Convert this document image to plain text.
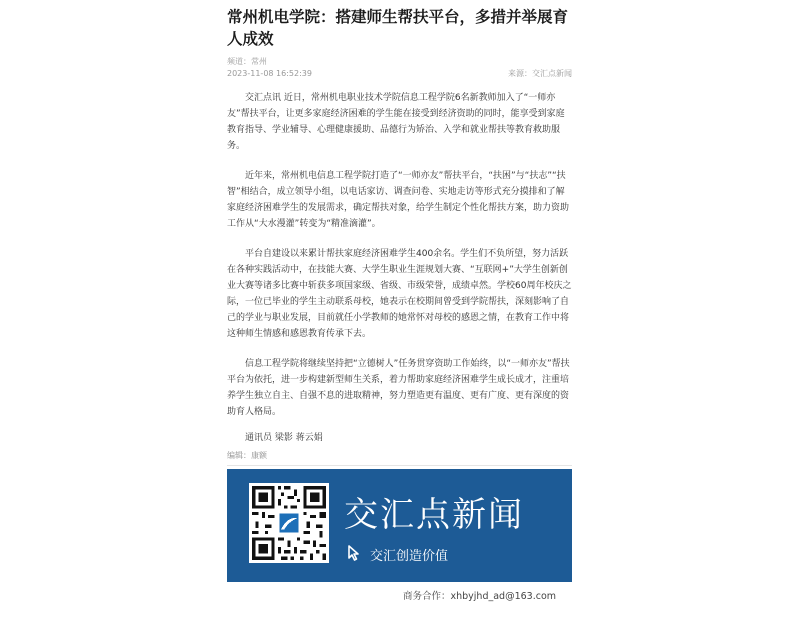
常州机电学院：搭建师生帮扶平台，多措并举展育人成效
频道：常州
2023-11-08 16:52:39	来源：交汇点新闻

交汇点讯 近日，常州机电职业技术学院信息工程学院6名新教师加入了“一师亦友”帮扶平台，让更多家庭经济困难的学生能在接受到经济资助的同时，能享受到家庭教育指导、学业辅导、心理健康援助、品德行为矫治、入学和就业帮扶等教育救助服务。

近年来，常州机电信息工程学院打造了“一师亦友”帮扶平台，“扶困”与“扶志”“扶智”相结合，成立领导小组，以电话家访、调查问卷、实地走访等形式充分摸排和了解家庭经济困难学生的发展需求，确定帮扶对象，给学生制定个性化帮扶方案，助力资助工作从“大水漫灌”转变为“精准滴灌”。

平台自建设以来累计帮扶家庭经济困难学生400余名。学生们不负所望，努力活跃在各种实践活动中，在技能大赛、大学生职业生涯规划大赛、“互联网+”大学生创新创业大赛等诸多比赛中斩获多项国家级、省级、市级荣誉，成绩卓然。学校60周年校庆之际，一位已毕业的学生主动联系母校，她表示在校期间曾受到学院帮扶，深刻影响了自己的学业与职业发展，目前就任小学教师的她常怀对母校的感恩之情，在教育工作中将这种师生情感和感恩教育传承下去。

信息工程学院将继续坚持把“立德树人”任务贯穿资助工作始终，以“一师亦友”帮扶平台为依托，进一步构建新型师生关系，着力帮助家庭经济困难学生成长成才，注重培养学生独立自主、自强不息的进取精神，努力塑造更有温度、更有广度、更有深度的资助育人格局。

通讯员 梁影 蒋云娟
编辑：康额
交汇点新闻
交汇创造价值
商务合作：xhbyjhd_ad@163.com
